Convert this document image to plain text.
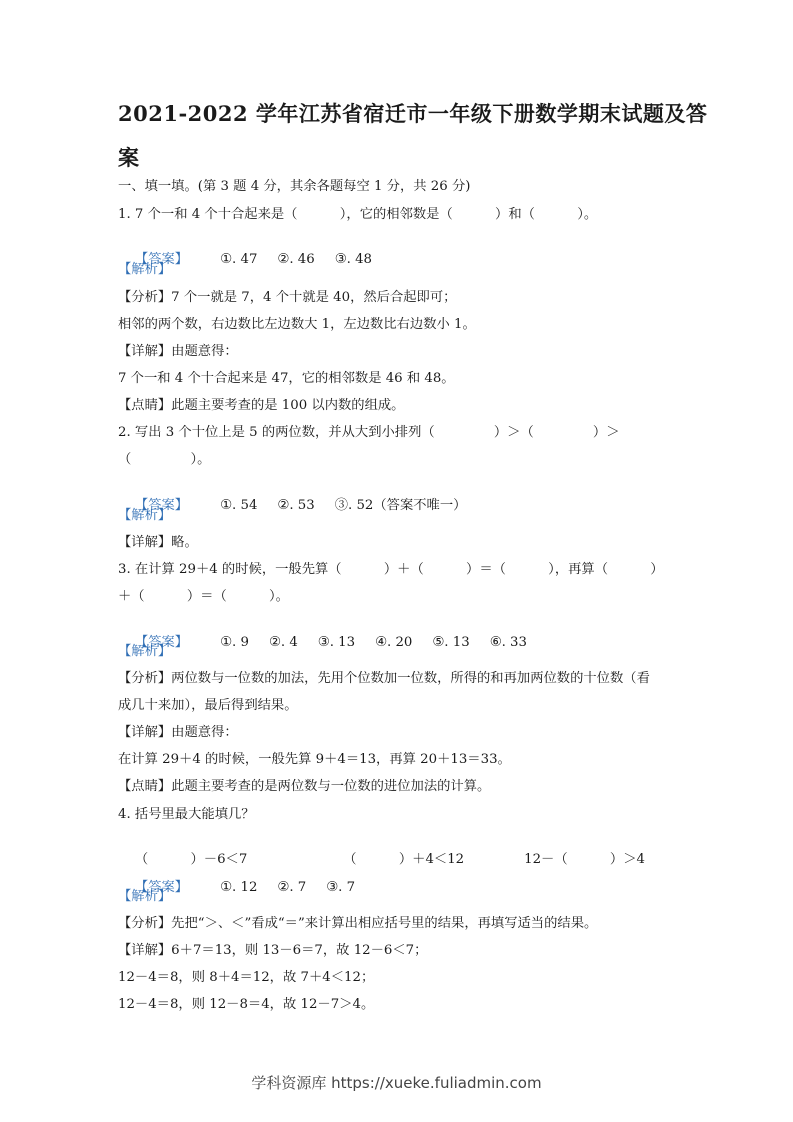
2021-2022 学年江苏省宿迁市一年级下册数学期末试题及答
案
一、填一填。(第 3 题 4 分，其余各题每空 1 分，共 26 分)
1. 7 个一和 4 个十合起来是（          ），它的相邻数是（          ）和（          ）。

【答案】 ①. 47 ②. 46 ③. 48

【解析】
【分析】7 个一就是 7，4 个十就是 40，然后合起即可；
相邻的两个数，右边数比左边数大 1，左边数比右边数小 1。
【详解】由题意得：
7 个一和 4 个十合起来是 47，它的相邻数是 46 和 48。
【点睛】此题主要考查的是 100 以内数的组成。
2. 写出 3 个十位上是 5 的两位数，并从大到小排列（              ）＞（              ）＞
（              ）。

【答案】 ①. 54 ②. 53 ③. 52（答案不唯一）

【解析】
【详解】略。
3. 在计算 29＋4 的时候，一般先算（          ）＋（          ）＝（          ），再算（          ）
＋（          ）＝（          ）。

【答案】 ①. 9 ②. 4 ③. 13 ④. 20 ⑤. 13 ⑥. 33

【解析】
【分析】两位数与一位数的加法，先用个位数加一位数，所得的和再加两位数的十位数（看
成几十来加），最后得到结果。
【详解】由题意得：
在计算 29＋4 的时候，一般先算 9＋4＝13，再算 20＋13＝33。
【点睛】此题主要考查的是两位数与一位数的进位加法的计算。
4. 括号里最大能填几？

（          ）－6＜7	（          ）＋4＜12	12－（          ）＞4

【答案】 ①. 12 ②. 7 ③. 7

【解析】
【分析】先把“＞、＜”看成“＝”来计算出相应括号里的结果，再填写适当的结果。
【详解】6＋7＝13，则 13－6＝7，故 12－6＜7；
12－4＝8，则 8＋4＝12，故 7＋4＜12；
12－4＝8，则 12－8＝4，故 12－7＞4。
学科资源库 https://xueke.fuliadmin.com
